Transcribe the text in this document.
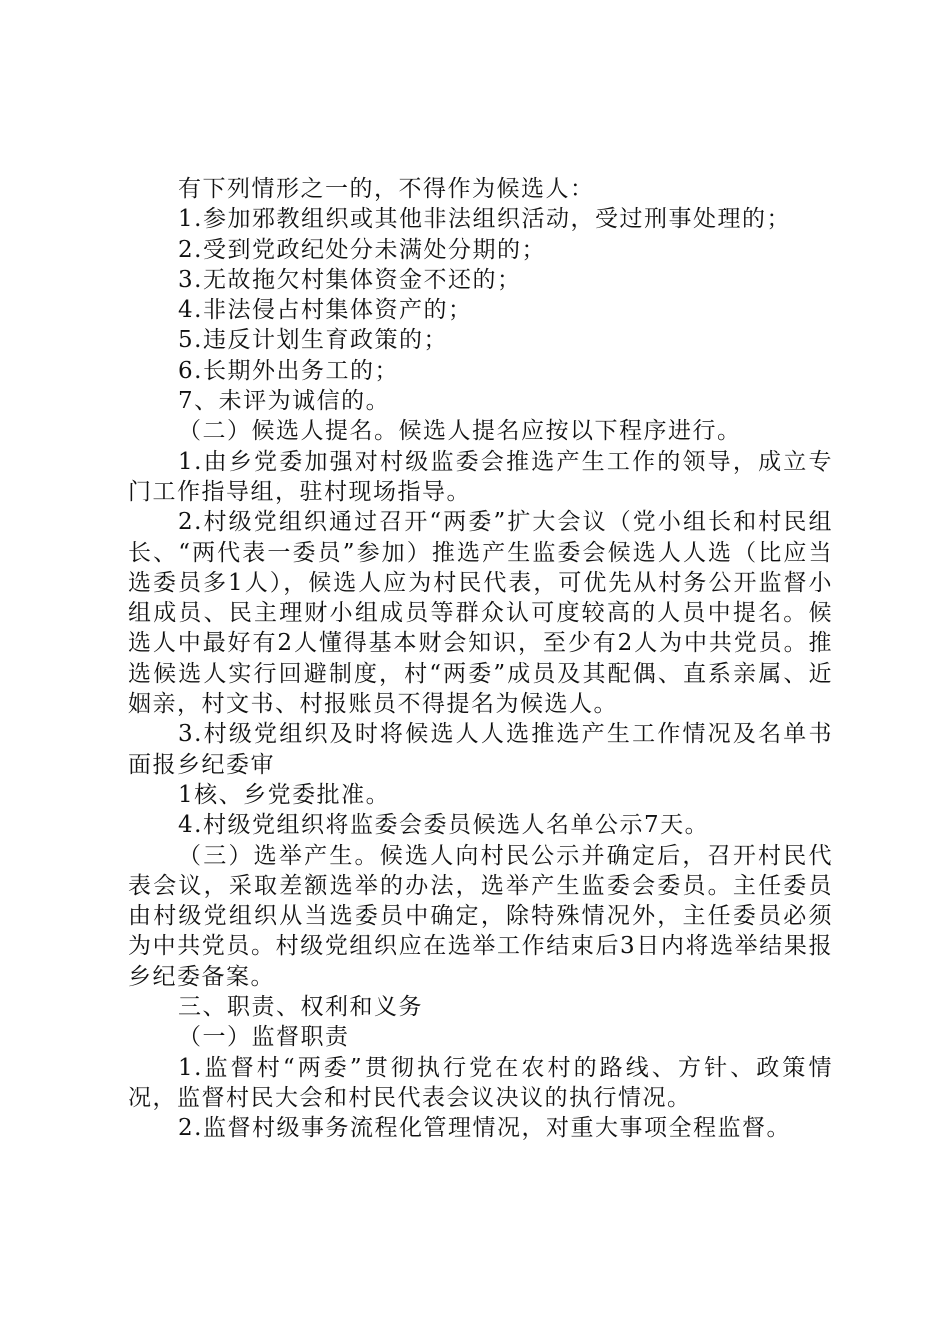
有下列情形之一的，不得作为候选人：

1.参加邪教组织或其他非法组织活动，受过刑事处理的；

2.受到党政纪处分未满处分期的；

3.无故拖欠村集体资金不还的；

4.非法侵占村集体资产的；

5.违反计划生育政策的；

6.长期外出务工的；

7、未评为诚信的。

（二）候选人提名。候选人提名应按以下程序进行。

1.由乡党委加强对村级监委会推选产生工作的领导，成立专门工作指导组，驻村现场指导。

2.村级党组织通过召开“两委”扩大会议（党小组长和村民组长、“两代表一委员”参加）推选产生监委会候选人人选（比应当选委员多1人），候选人应为村民代表，可优先从村务公开监督小组成员、民主理财小组成员等群众认可度较高的人员中提名。候选人中最好有2人懂得基本财会知识，至少有2人为中共党员。推选候选人实行回避制度，村“两委”成员及其配偶、直系亲属、近姻亲，村文书、村报账员不得提名为候选人。

3.村级党组织及时将候选人人选推选产生工作情况及名单书面报乡纪委审

1核、乡党委批准。

4.村级党组织将监委会委员候选人名单公示7天。

（三）选举产生。候选人向村民公示并确定后，召开村民代表会议，采取差额选举的办法，选举产生监委会委员。主任委员由村级党组织从当选委员中确定，除特殊情况外，主任委员必须为中共党员。村级党组织应在选举工作结束后3日内将选举结果报乡纪委备案。

三、职责、权利和义务

（一）监督职责

1.监督村“两委”贯彻执行党在农村的路线、方针、政策情况，监督村民大会和村民代表会议决议的执行情况。

2.监督村级事务流程化管理情况，对重大事项全程监督。
